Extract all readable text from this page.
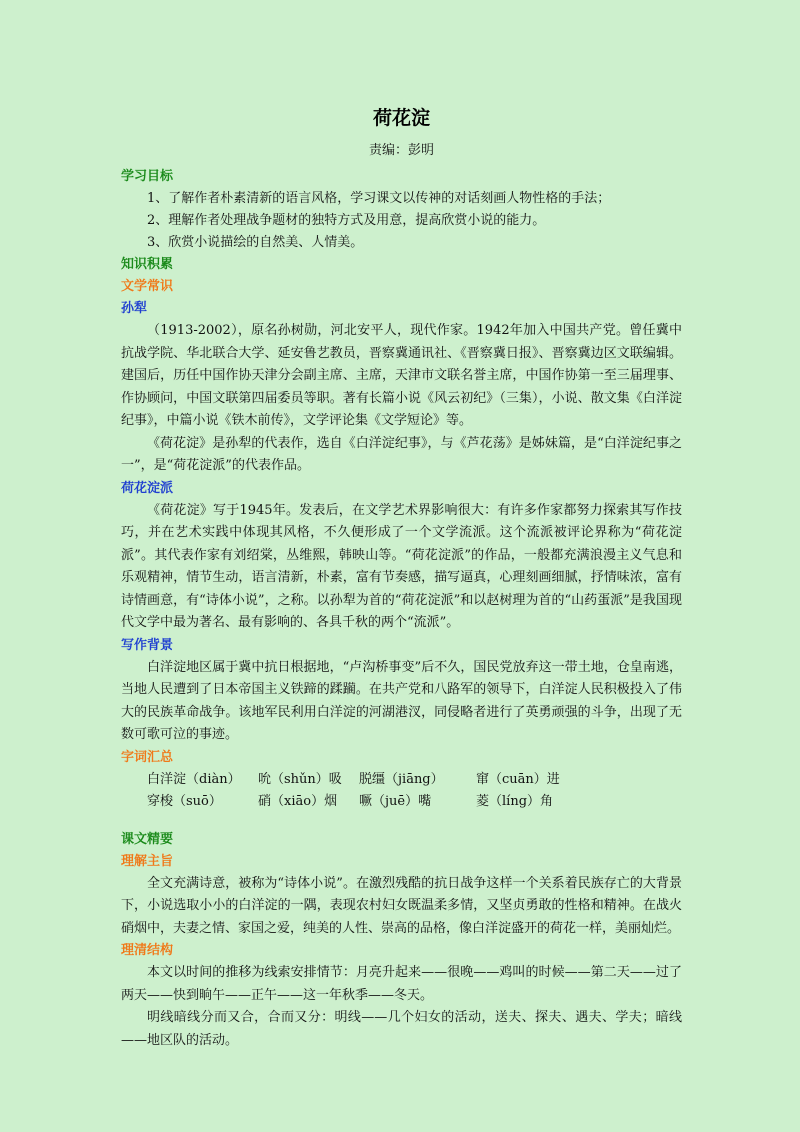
荷花淀
责编：彭明
学习目标
1、了解作者朴素清新的语言风格，学习课文以传神的对话刻画人物性格的手法；
2、理解作者处理战争题材的独特方式及用意，提高欣赏小说的能力。
3、欣赏小说描绘的自然美、人情美。
知识积累
文学常识
孙犁

（1913-2002），原名孙树勋，河北安平人，现代作家。1942年加入中国共产党。曾任冀中抗战学院、华北联合大学、延安鲁艺教员，晋察冀通讯社、《晋察冀日报》、晋察冀边区文联编辑。建国后，历任中国作协天津分会副主席、主席，天津市文联名誉主席，中国作协第一至三届理事、作协顾问，中国文联第四届委员等职。著有长篇小说《风云初纪》（三集），小说、散文集《白洋淀纪事》，中篇小说《铁木前传》，文学评论集《文学短论》等。

《荷花淀》是孙犁的代表作，选自《白洋淀纪事》，与《芦花荡》是姊妹篇，是“白洋淀纪事之一”，是“荷花淀派”的代表作品。

荷花淀派

《荷花淀》写于1945年。发表后，在文学艺术界影响很大：有许多作家都努力探索其写作技巧，并在艺术实践中体现其风格，不久便形成了一个文学流派。这个流派被评论界称为“荷花淀派”。其代表作家有刘绍棠，丛维熙，韩映山等。“荷花淀派”的作品，一般都充满浪漫主义气息和乐观精神，情节生动，语言清新，朴素，富有节奏感，描写逼真，心理刻画细腻，抒情味浓，富有诗情画意，有“诗体小说”，之称。以孙犁为首的“荷花淀派”和以赵树理为首的“山药蛋派”是我国现代文学中最为著名、最有影响的、各具千秋的两个“流派”。

写作背景

白洋淀地区属于冀中抗日根据地，“卢沟桥事变”后不久，国民党放弃这一带土地，仓皇南逃，当地人民遭到了日本帝国主义铁蹄的蹂躏。在共产党和八路军的领导下，白洋淀人民积极投入了伟大的民族革命战争。该地军民利用白洋淀的河湖港汊，同侵略者进行了英勇顽强的斗争，出现了无数可歌可泣的事迹。

字词汇总
白洋淀（diàn） 吮（shǔn）吸 脱缰（jiāng） 窜（cuān）进
穿梭（suō）	硝（xiāo）烟 噘（juē）嘴	菱（líng）角
课文精要
理解主旨

全文充满诗意，被称为“诗体小说”。在激烈残酷的抗日战争这样一个关系着民族存亡的大背景下，小说选取小小的白洋淀的一隅，表现农村妇女既温柔多情，又坚贞勇敢的性格和精神。在战火硝烟中，夫妻之情、家国之爱，纯美的人性、崇高的品格，像白洋淀盛开的荷花一样，美丽灿烂。

理清结构

本文以时间的推移为线索安排情节：月亮升起来——很晚——鸡叫的时候——第二天——过了两天——快到晌午——正午——这一年秋季——冬天。

明线暗线分而又合，合而又分：明线——几个妇女的活动，送夫、探夫、遇夫、学夫；暗线——地区队的活动。
